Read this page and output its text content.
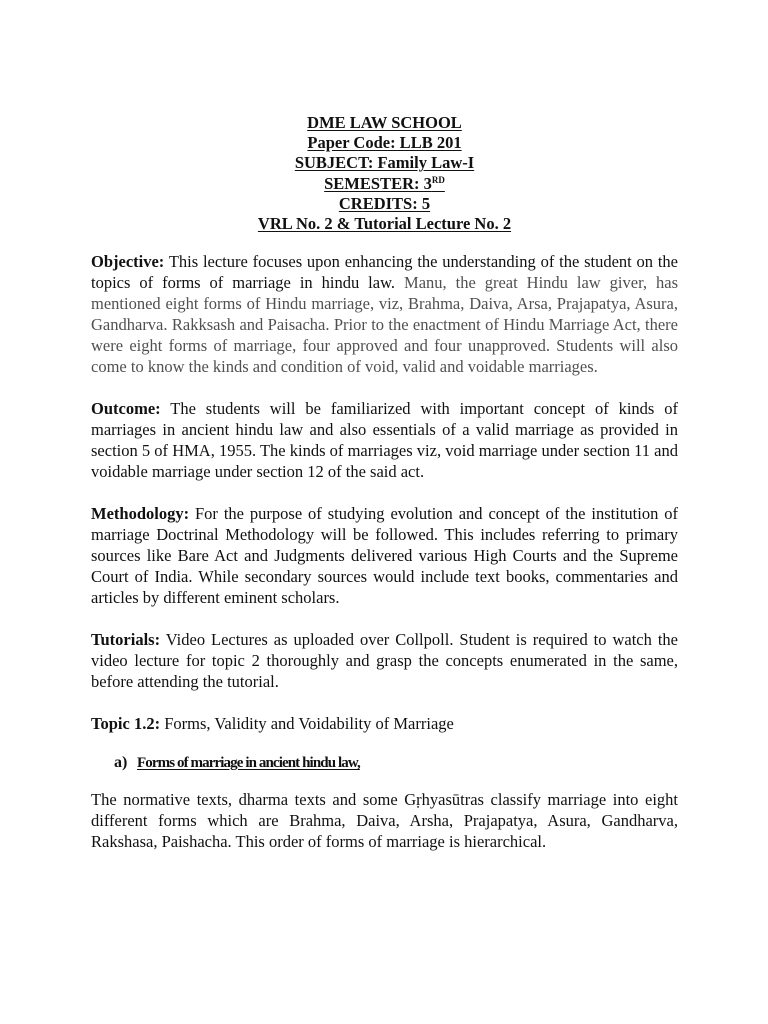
DME LAW SCHOOL
Paper Code: LLB 201
SUBJECT: Family Law-I
SEMESTER: 3RD
CREDITS: 5
VRL No. 2 & Tutorial Lecture No. 2

Objective: This lecture focuses upon enhancing the understanding of the student on the topics of forms of marriage in hindu law. Manu, the great Hindu law giver, has mentioned eight forms of Hindu marriage, viz, Brahma, Daiva, Arsa, Prajapatya, Asura, Gandharva. Rakksash and Paisacha. Prior to the enactment of Hindu Marriage Act, there were eight forms of marriage, four approved and four unapproved. Students will also come to know the kinds and condition of void, valid and voidable marriages.

Outcome: The students will be familiarized with important concept of kinds of marriages in ancient hindu law and also essentials of a valid marriage as provided in section 5 of HMA, 1955. The kinds of marriages viz, void marriage under section 11 and voidable marriage under section 12 of the said act.

Methodology: For the purpose of studying evolution and concept of the institution of marriage Doctrinal Methodology will be followed. This includes referring to primary sources like Bare Act and Judgments delivered various High Courts and the Supreme Court of India. While secondary sources would include text books, commentaries and articles by different eminent scholars.

Tutorials: Video Lectures as uploaded over Collpoll. Student is required to watch the video lecture for topic 2 thoroughly and grasp the concepts enumerated in the same, before attending the tutorial.

Topic 1.2: Forms, Validity and Voidability of Marriage

a) Forms of marriage in ancient hindu law,

The normative texts, dharma texts and some Gṛhyasūtras classify marriage into eight different forms which are Brahma, Daiva, Arsha, Prajapatya, Asura, Gandharva, Rakshasa, Paishacha. This order of forms of marriage is hierarchical.
